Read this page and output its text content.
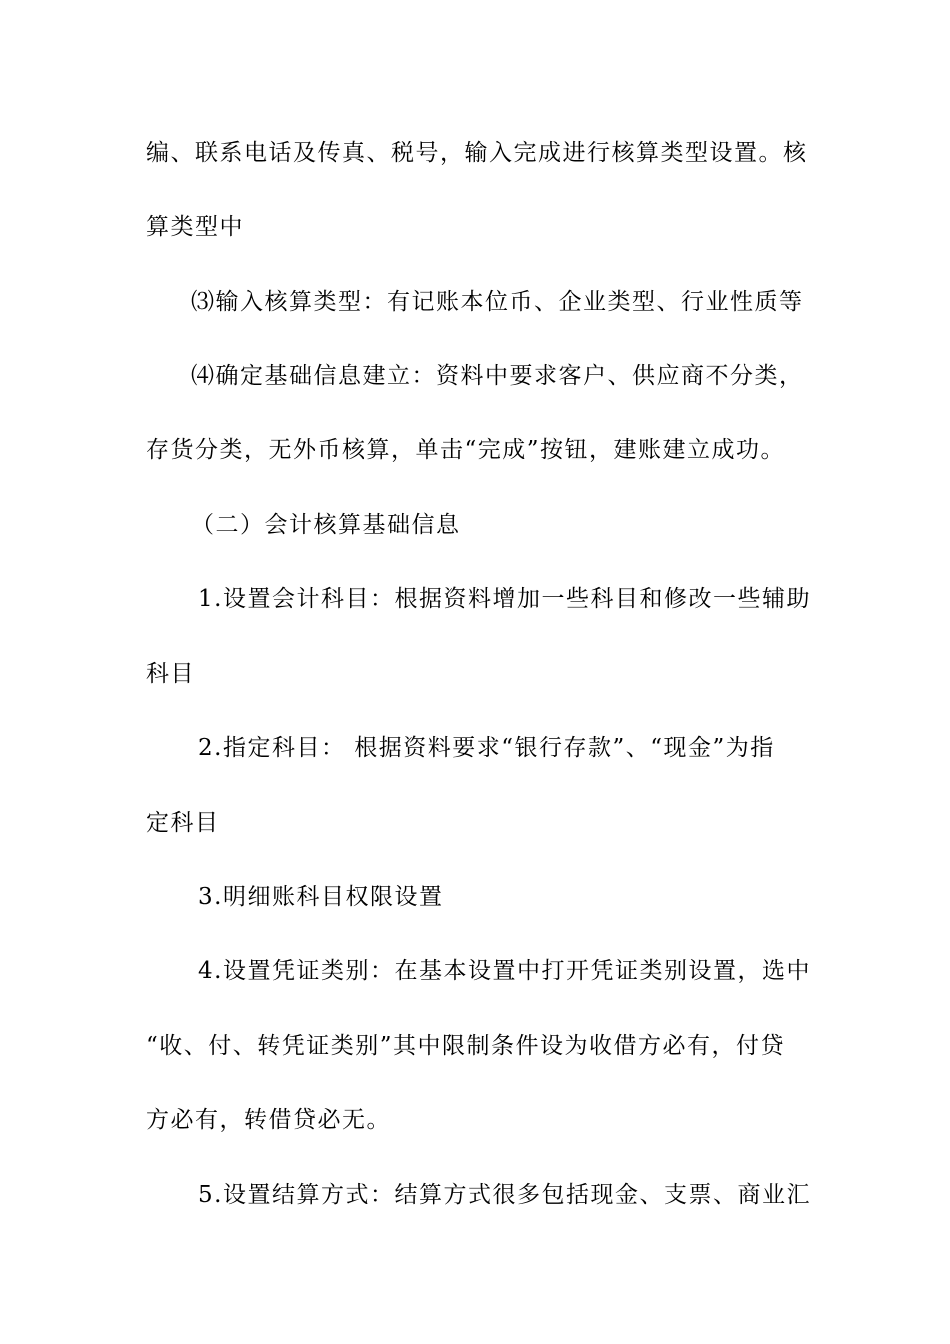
编、联系电话及传真、税号，输入完成进行核算类型设置。核
算类型中
⑶输入核算类型：有记账本位币、企业类型、行业性质等
⑷确定基础信息建立：资料中要求客户、供应商不分类，
存货分类，无外币核算，单击“完成”按钮，建账建立成功。
（二）会计核算基础信息
1.设置会计科目：根据资料增加一些科目和修改一些辅助
科目
2.指定科目： 根据资料要求“银行存款”、“现金”为指
定科目
3.明细账科目权限设置
4.设置凭证类别：在基本设置中打开凭证类别设置，选中
“收、付、转凭证类别”其中限制条件设为收借方必有，付贷
方必有，转借贷必无。
5.设置结算方式：结算方式很多包括现金、支票、商业汇
